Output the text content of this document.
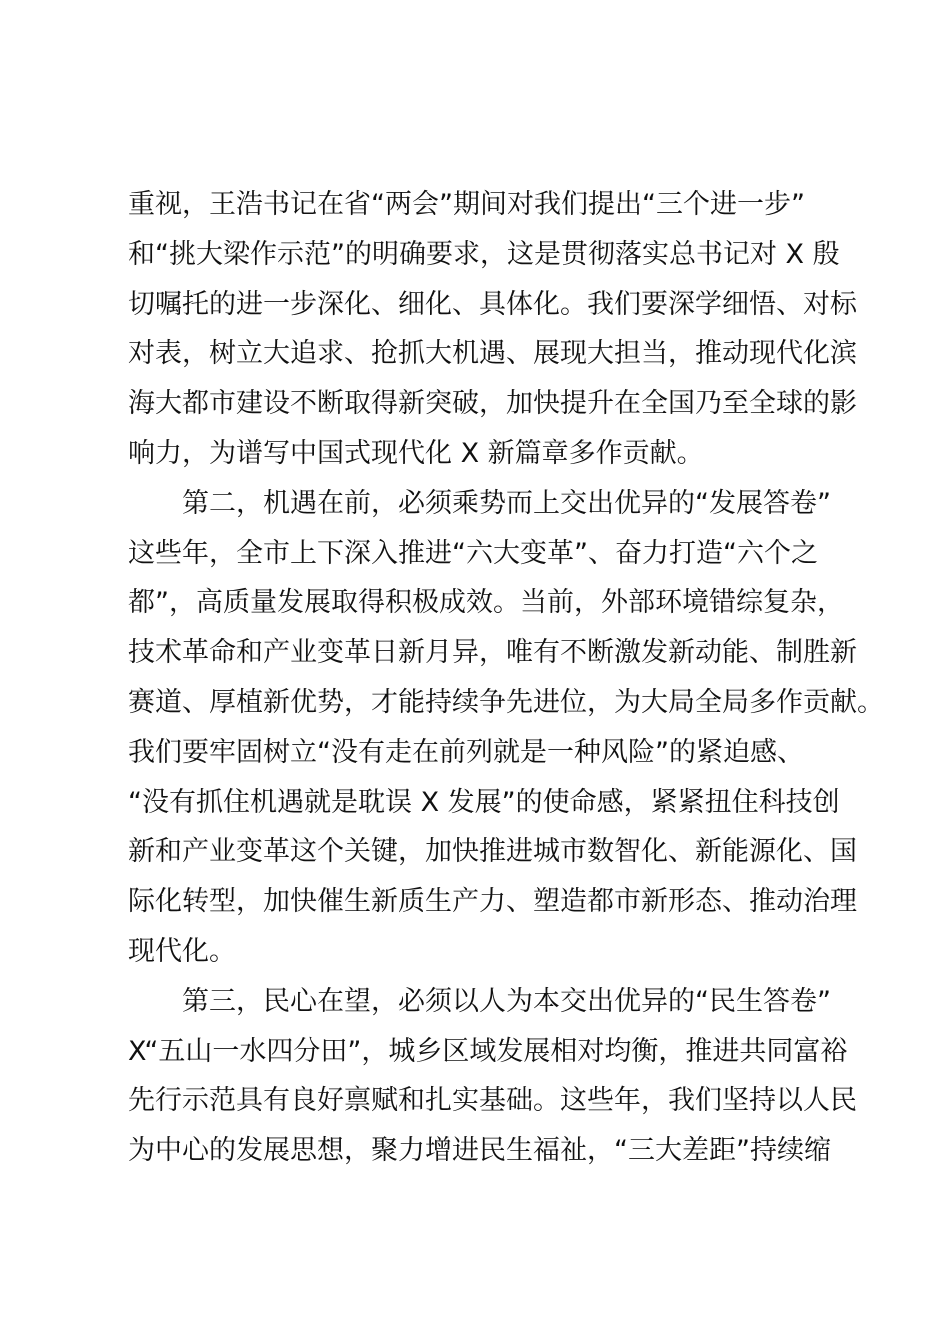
重视，王浩书记在省“两会”期间对我们提出“三个进一步”
和“挑大梁作示范”的明确要求，这是贯彻落实总书记对 X 殷
切嘱托的进一步深化、细化、具体化。我们要深学细悟、对标
对表，树立大追求、抢抓大机遇、展现大担当，推动现代化滨
海大都市建设不断取得新突破，加快提升在全国乃至全球的影
响力，为谱写中国式现代化 X 新篇章多作贡献。
第二，机遇在前，必须乘势而上交出优异的“发展答卷”
这些年，全市上下深入推进“六大变革”、奋力打造“六个之
都”，高质量发展取得积极成效。当前，外部环境错综复杂，
技术革命和产业变革日新月异，唯有不断激发新动能、制胜新
赛道、厚植新优势，才能持续争先进位，为大局全局多作贡献。
我们要牢固树立“没有走在前列就是一种风险”的紧迫感、
“没有抓住机遇就是耽误 X 发展”的使命感，紧紧扭住科技创
新和产业变革这个关键，加快推进城市数智化、新能源化、国
际化转型，加快催生新质生产力、塑造都市新形态、推动治理
现代化。
第三，民心在望，必须以人为本交出优异的“民生答卷”
X“五山一水四分田”，城乡区域发展相对均衡，推进共同富裕
先行示范具有良好禀赋和扎实基础。这些年，我们坚持以人民
为中心的发展思想，聚力增进民生福祉，“三大差距”持续缩
